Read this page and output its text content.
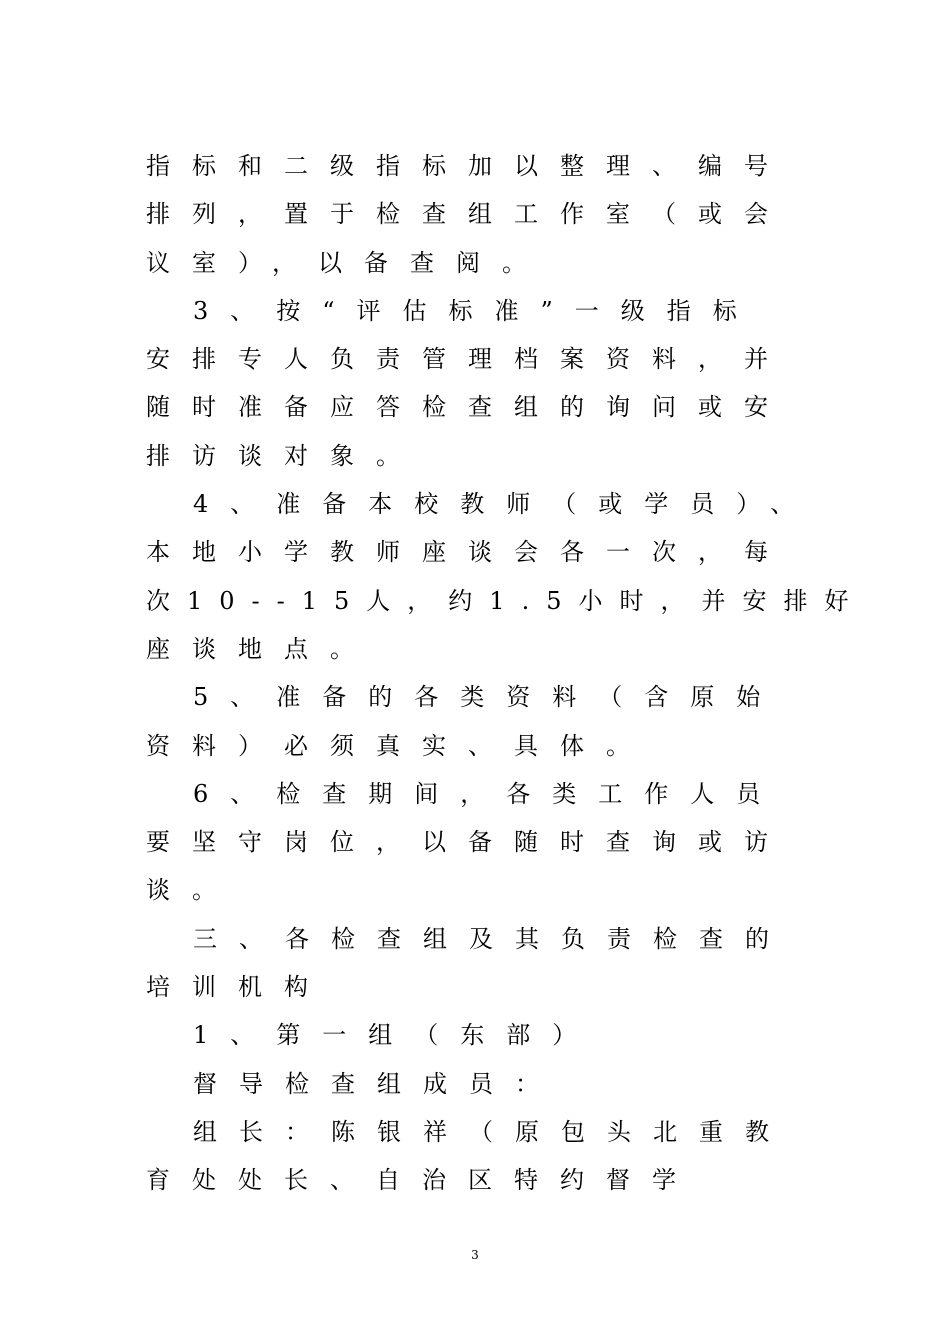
指标和二级指标加以整理、编号
排列，置于检查组工作室（或会
议室），以备查阅。
3、按“评估标准”一级指标
安排专人负责管理档案资料，并
随时准备应答检查组的询问或安
排访谈对象。
4、准备本校教师（或学员）、
本地小学教师座谈会各一次，每
次10--15人，约1.5小时，并安排好
座谈地点。
5、准备的各类资料（含原始
资料）必须真实、具体。
6、检查期间，各类工作人员
要坚守岗位，以备随时查询或访
谈。
三、各检查组及其负责检查的
培训机构
1、第一组（东部）
督导检查组成员：
组长：陈银祥（原包头北重教
育处处长、自治区特约督学
3
